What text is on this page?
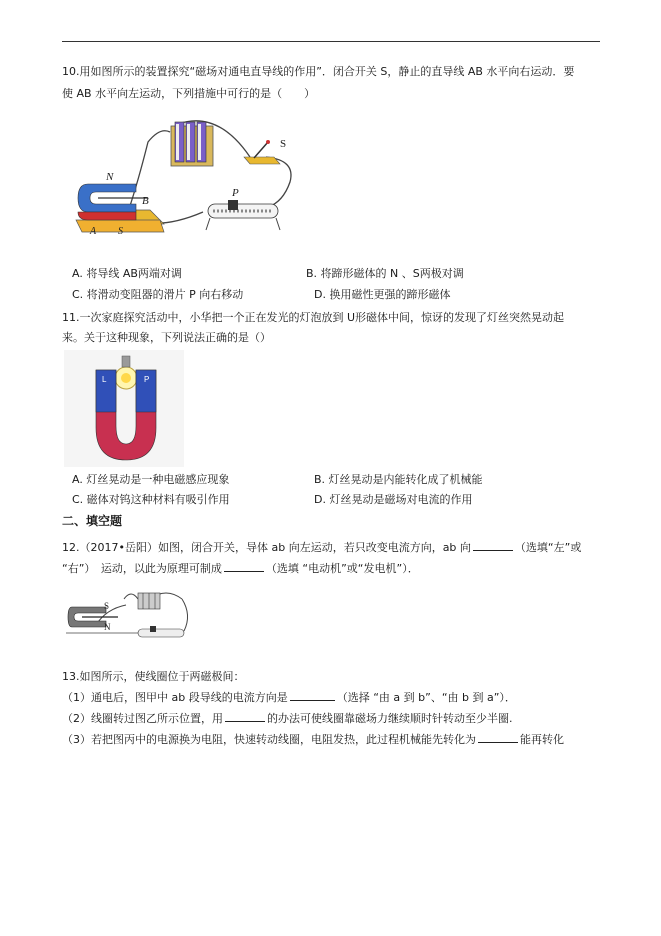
10.用如图所示的装置探究“磁场对通电直导线的作用”．闭合开关 S，静止的直导线 AB 水平向右运动．要
使 AB 水平向左运动，下列措施中可行的是（　　）
N
B
A S
P
S
A. 将导线 AB两端对调	B. 将蹄形磁体的 N 、S两极对调
C. 将滑动变阻器的滑片 P 向右移动	D. 换用磁性更强的蹄形磁体
11.一次家庭探究活动中，小华把一个正在发光的灯泡放到 U形磁体中间，惊讶的发现了灯丝突然晃动起
来。关于这种现象，下列说法正确的是（）
L	P
A. 灯丝晃动是一种电磁感应现象	B. 灯丝晃动是内能转化成了机械能
C. 磁体对钨这种材料有吸引作用	D. 灯丝晃动是磁场对电流的作用
二、填空题
12.（2017•岳阳）如图，闭合开关，导体 ab 向左运动，若只改变电流方向，ab 向	（选填“左”或
“右”）　运动，以此为原理可制成	（选填 “电动机”或“发电机”）．
S
N
13.如图所示，使线圈位于两磁极间：
（1）通电后，图甲中 ab 段导线的电流方向是	（选择 “由 a 到 b”、“由 b 到 a”）．
（2）线圈转过图乙所示位置，用	的办法可使线圈靠磁场力继续顺时针转动至少半圈.
（3）若把图丙中的电源换为电阻，快速转动线圈，电阻发热，此过程机械能先转化为	能再转化
